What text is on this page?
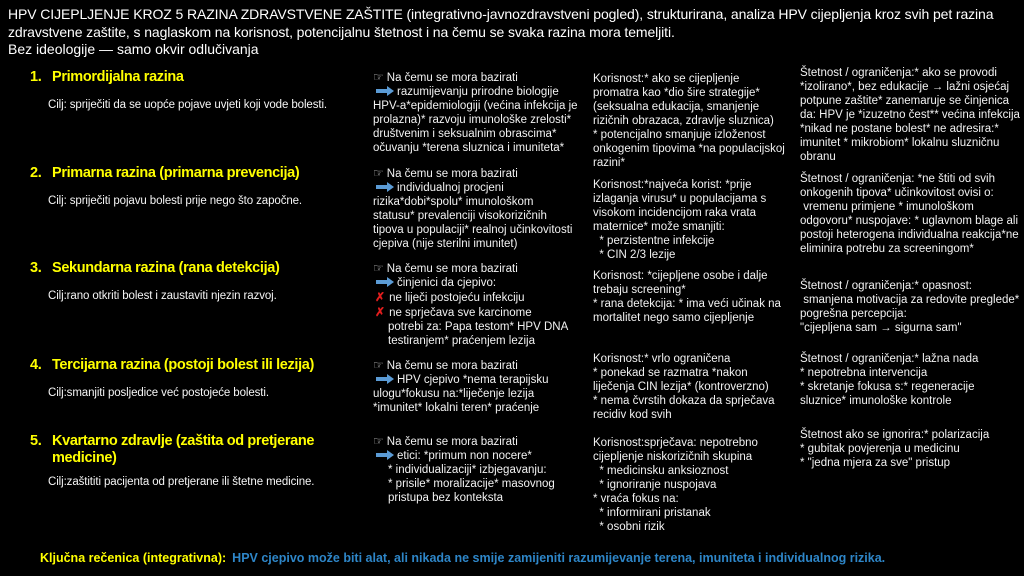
HPV CIJEPLJENJE KROZ 5 RAZINA ZDRAVSTVENE ZAŠTITE (integrativno-javnozdravstveni pogled), strukturirana, analiza HPV cijepljenja kroz svih pet razina zdravstvene zaštite, s naglaskom na korisnost, potencijalnu štetnost i na čemu se svaka razina mora temeljiti.
Bez ideologije — samo okvir odlučivanja
1. Primordijalna razina
Cilj: spriječiti da se uopće pojave uvjeti koji vode bolesti.
☞ Na čemu se mora bazirati
razumijevanju prirodne biologije HPV-a*epidemiologiji (većina infekcija je prolazna)* razvoju imunološke zrelosti* društvenim i seksualnim obrascima* očuvanju *terena sluznica i imuniteta*
Korisnost:* ako se cijepljenje promatra kao *dio šire strategije* (seksualna edukacija, smanjenje rizičnih obrazaca, zdravlje sluznica)
* potencijalno smanjuje izloženost onkogenim tipovima *na populacijskoj razini*
Štetnost / ograničenja:* ako se provodi *izolirano*, bez edukacije → lažni osjećaj potpune zaštite* zanemaruje se činjenica da: HPV je *izuzetno čest** većina infekcija *nikad ne postane bolest* ne adresira:* imunitet * mikrobiom* lokalnu sluzničnu obranu
2. Primarna razina (primarna prevencija)
Cilj: spriječiti pojavu bolesti prije nego što započne.
☞ Na čemu se mora bazirati
individualnoj procjeni rizika*dobi*spolu* imunološkom statusu* prevalenciji visokorizičnih tipova u populaciji* realnoj učinkovitosti cjepiva (nije sterilni imunitet)
Korisnost:*najveća korist: *prije izlaganja virusu* u populacijama s visokom incidencijom raka vrata maternice* može smanjiti:
* perzistentne infekcije
* CIN 2/3 lezije
Štetnost / ograničenja: *ne štiti od svih onkogenih tipova* učinkovitost ovisi o:
vremenu primjene * imunološkom odgovoru* nuspojave: * uglavnom blage ali postoji heterogena individualna reakcija*ne eliminira potrebu za screeningom*
3. Sekundarna razina (rana detekcija)
Cilj:rano otkriti bolest i zaustaviti njezin razvoj.
☞ Na čemu se mora bazirati
činjenici da cjepivo:
✗ ne liječi postojeću infekciju
✗ ne sprječava sve karcinome
potrebi za: Papa testom* HPV DNA testiranjem* praćenjem lezija
Korisnost: *cijepljene osobe i dalje trebaju screening*
* rana detekcija: * ima veći učinak na mortalitet nego samo cijepljenje
Štetnost / ograničenja:* opasnost:
smanjena motivacija za redovite preglede* pogrešna percepcija:
"cijepljena sam → sigurna sam"
4. Tercijarna razina (postoji bolest ili lezija)
Cilj:smanjiti posljedice već postojeće bolesti.
☞ Na čemu se mora bazirati
HPV cjepivo *nema terapijsku ulogu*fokusu na:*liječenje lezija *imunitet* lokalni teren* praćenje
Korisnost:* vrlo ograničena
* ponekad se razmatra *nakon liječenja CIN lezija* (kontroverzno)
* nema čvrstih dokaza da sprječava recidiv kod svih
Štetnost / ograničenja:* lažna nada
* nepotrebna intervencija
* skretanje fokusa s:* regeneracije sluznice* imunološke kontrole
5. Kvartarno zdravlje (zaštita od pretjerane medicine)
Cilj:zaštititi pacijenta od pretjerane ili štetne medicine.
☞ Na čemu se mora bazirati
etici: *primum non nocere*
* individualizaciji* izbjegavanju:
* prisile* moralizacije* masovnog pristupa bez konteksta
Korisnost:sprječava: nepotrebno cijepljenje niskorizičnih skupina
* medicinsku anksioznost
* ignoriranje nuspojava
* vraća fokus na:
* informirani pristanak
* osobni rizik
Štetnost ako se ignorira:* polarizacija
* gubitak povjerenja u medicinu
* "jedna mjera za sve" pristup
Ključna rečenica (integrativna): HPV cjepivo može biti alat, ali nikada ne smije zamijeniti razumijevanje terena, imuniteta i individualnog rizika.
